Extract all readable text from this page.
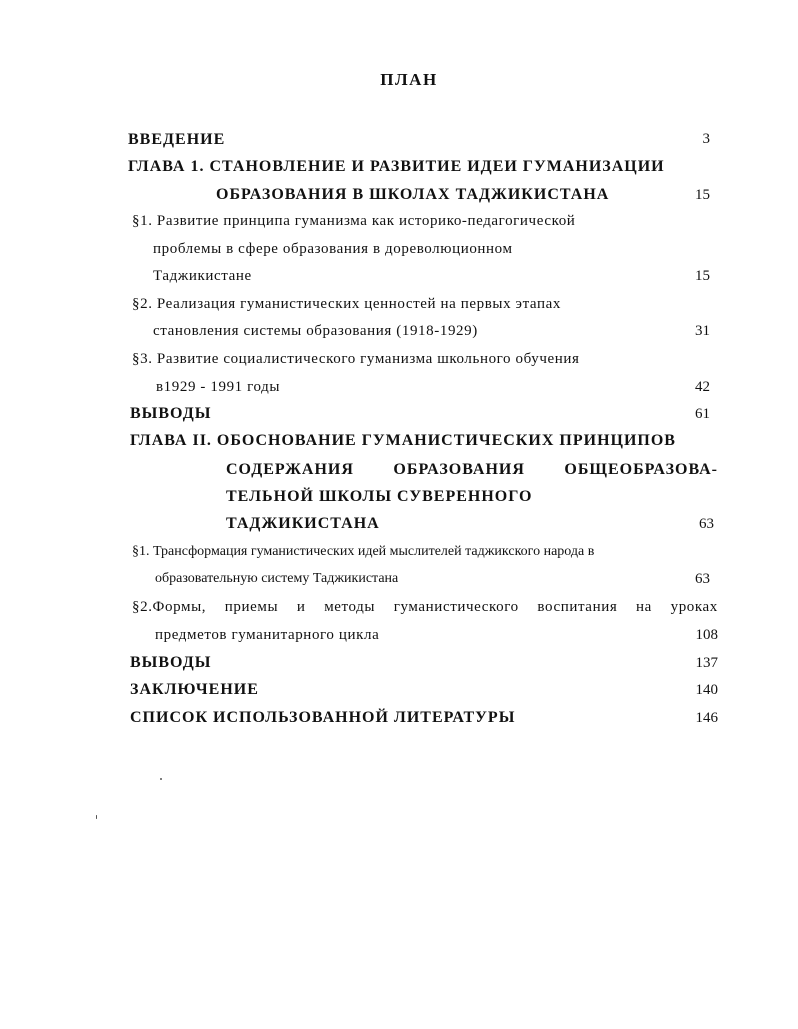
ПЛАН
ВВЕДЕНИЕ	3
ГЛАВА 1. СТАНОВЛЕНИЕ И РАЗВИТИЕ ИДЕИ ГУМАНИЗАЦИИ
ОБРАЗОВАНИЯ В ШКОЛАХ ТАДЖИКИСТАНА	15
§1. Развитие принципа гуманизма как историко-педагогической
проблемы в сфере образования в дореволюционном
Таджикистане	15
§2. Реализация гуманистических ценностей на первых этапах
становления системы образования (1918-1929)	31
§3. Развитие социалистического гуманизма школьного обучения
в1929 - 1991 годы	42
ВЫВОДЫ	61
ГЛАВА II. ОБОСНОВАНИЕ ГУМАНИСТИЧЕСКИХ ПРИНЦИПОВ
СОДЕРЖАНИЯ ОБРАЗОВАНИЯ ОБЩЕОБРАЗОВА-
ТЕЛЬНОЙ ШКОЛЫ СУВЕРЕННОГО
ТАДЖИКИСТАНА	63
§1. Трансформация гуманистических идей мыслителей таджикского народа в
образовательную систему Таджикистана	63
§2.Формы, приемы и методы гуманистического воспитания на уроках
предметов гуманитарного цикла	108
ВЫВОДЫ	137
ЗАКЛЮЧЕНИЕ	140
СПИСОК ИСПОЛЬЗОВАННОЙ ЛИТЕРАТУРЫ	146
